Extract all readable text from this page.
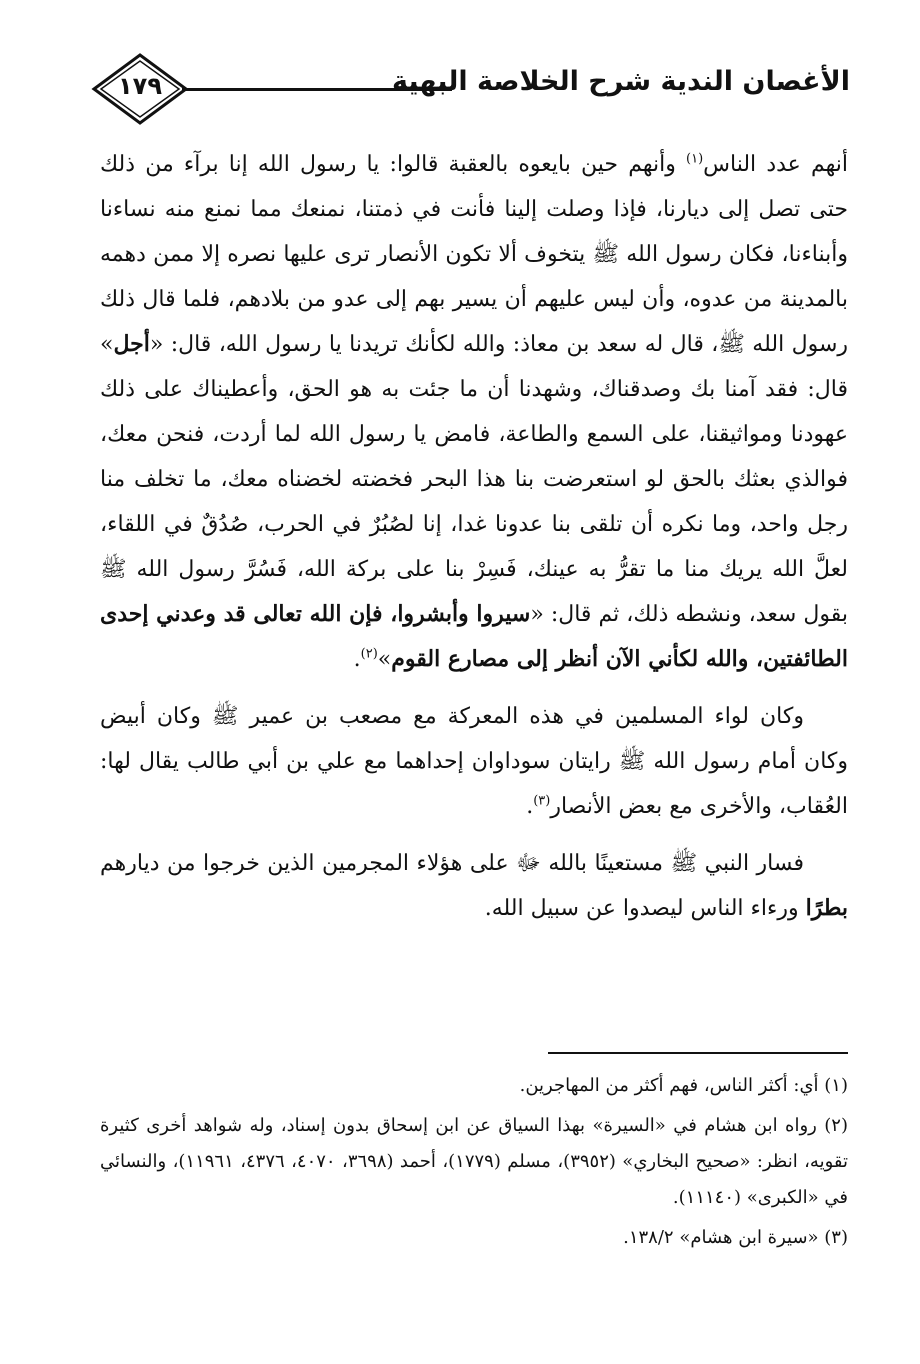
١٧٩	الأغصان الندية شرح الخلاصة البهية

أنهم عدد الناس$^{(١)}$ وأنهم حين بايعوه بالعقبة قالوا: يا رسول الله إنا برآء من ذلك حتى تصل إلى ديارنا، فإذا وصلت إلينا فأنت في ذمتنا، نمنعك مما نمنع منه نساءنا وأبناءنا، فكان رسول الله ﷺ يتخوف ألا تكون الأنصار ترى عليها نصره إلا ممن دهمه بالمدينة من عدوه، وأن ليس عليهم أن يسير بهم إلى عدو من بلادهم، فلما قال ذلك رسول الله ﷺ، قال له سعد بن معاذ: والله لكأنك تريدنا يا رسول الله، قال: «أجل» قال: فقد آمنا بك وصدقناك، وشهدنا أن ما جئت به هو الحق، وأعطيناك على ذلك عهودنا ومواثيقنا، على السمع والطاعة، فامض يا رسول الله لما أردت، فنحن معك، فوالذي بعثك بالحق لو استعرضت بنا هذا البحر فخضته لخضناه معك، ما تخلف منا رجل واحد، وما نكره أن تلقى بنا عدونا غدا، إنا لصُبُرٌ في الحرب، صُدُقٌ في اللقاء، لعلَّ الله يريك منا ما تقرُّ به عينك، فَسِرْ بنا على بركة الله، فَسُرَّ رسول الله ﷺ بقول سعد، ونشطه ذلك، ثم قال: «سيروا وأبشروا، فإن الله تعالى قد وعدني إحدى الطائفتين، والله لكأني الآن أنظر إلى مصارع القوم»$^{(٢)}$.

وكان لواء المسلمين في هذه المعركة مع مصعب بن عمير ﷺ وكان أبيض وكان أمام رسول الله ﷺ رايتان سوداوان إحداهما مع علي بن أبي طالب يقال لها: العُقاب، والأخرى مع بعض الأنصار$^{(٣)}$.

فسار النبي ﷺ مستعينًا بالله ﷻ على هؤلاء المجرمين الذين خرجوا من ديارهم بطرًا ورءاء الناس ليصدوا عن سبيل الله.

(١) أي: أكثر الناس، فهم أكثر من المهاجرين.

(٢) رواه ابن هشام في «السيرة» بهذا السياق عن ابن إسحاق بدون إسناد، وله شواهد أخرى كثيرة تقويه، انظر: «صحيح البخاري» (٣٩٥٢)، مسلم (١٧٧٩)، أحمد (٣٦٩٨، ٤٠٧٠، ٤٣٧٦، ١١٩٦١)، والنسائي في «الكبرى» (١١١٤٠).

(٣) «سيرة ابن هشام» ١٣٨/٢.
